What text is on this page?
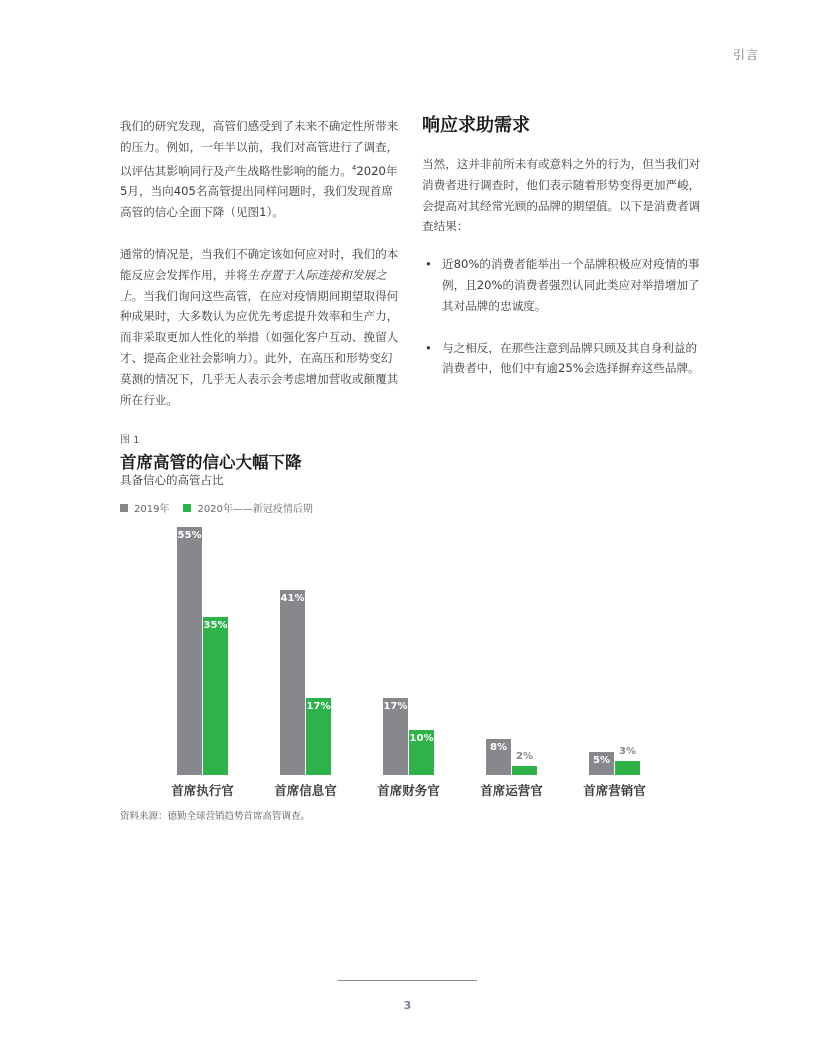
引言

我们的研究发现，高管们感受到了未来不确定性所带来的压力。例如，一年半以前，我们对高管进行了调查，以评估其影响同行及产生战略性影响的能力。$^4$2020年5月，当向405名高管提出同样问题时，我们发现首席高管的信心全面下降（见图1）。

通常的情况是，当我们不确定该如何应对时，我们的本能反应会发挥作用，并将生存置于人际连接和发展之上。当我们询问这些高管，在应对疫情期间期望取得何种成果时，大多数认为应优先考虑提升效率和生产力，而非采取更加人性化的举措（如强化客户互动、挽留人才、提高企业社会影响力）。此外，在高压和形势变幻莫测的情况下，几乎无人表示会考虑增加营收或颠覆其所在行业。

响应求助需求

当然，这并非前所未有或意料之外的行为，但当我们对消费者进行调查时，他们表示随着形势变得更加严峻，会提高对其经常光顾的品牌的期望值。以下是消费者调查结果：

• 近80%的消费者能举出一个品牌积极应对疫情的事例，且20%的消费者强烈认同此类应对举措增加了其对品牌的忠诚度。
• 与之相反，在那些注意到品牌只顾及其自身利益的消费者中，他们中有逾25%会选择摒弃这些品牌。
图 1
首席高管的信心大幅下降
具备信心的高管占比
2019年	2020年——新冠疫情后期
55%
35%
首席执行官
41%
17%
首席信息官
17%
10%
首席财务官
8%
2%
首席运营官
5%
3%
首席营销官
资料来源：德勤全球营销趋势首席高管调查。
3
